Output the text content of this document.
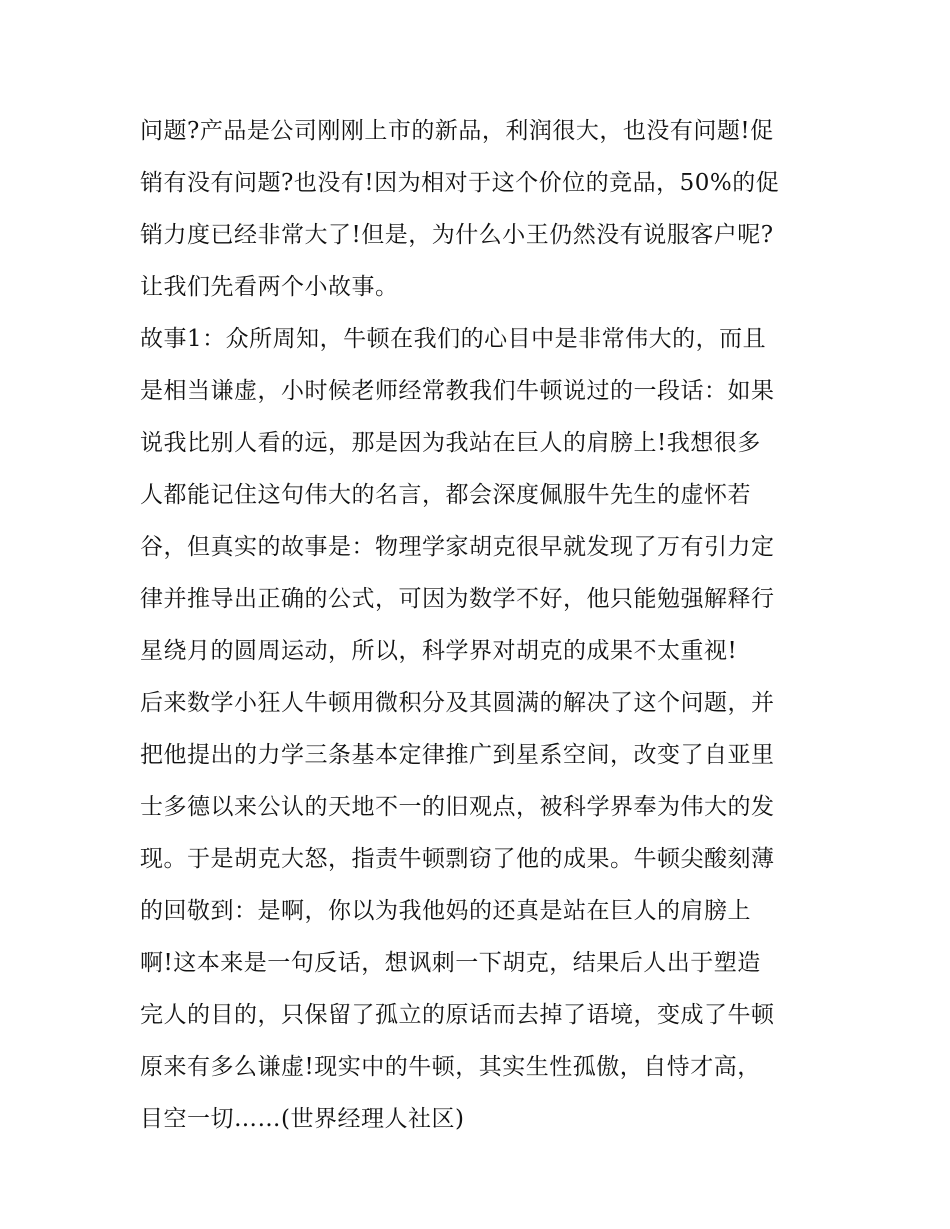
问题?产品是公司刚刚上市的新品，利润很大，也没有问题!促
销有没有问题?也没有!因为相对于这个价位的竞品，50%的促
销力度已经非常大了!但是，为什么小王仍然没有说服客户呢?
让我们先看两个小故事。
故事1：众所周知，牛顿在我们的心目中是非常伟大的，而且
是相当谦虚，小时候老师经常教我们牛顿说过的一段话：如果
说我比别人看的远，那是因为我站在巨人的肩膀上!我想很多
人都能记住这句伟大的名言，都会深度佩服牛先生的虚怀若
谷，但真实的故事是：物理学家胡克很早就发现了万有引力定
律并推导出正确的公式，可因为数学不好，他只能勉强解释行
星绕月的圆周运动，所以，科学界对胡克的成果不太重视!
后来数学小狂人牛顿用微积分及其圆满的解决了这个问题，并
把他提出的力学三条基本定律推广到星系空间，改变了自亚里
士多德以来公认的天地不一的旧观点，被科学界奉为伟大的发
现。于是胡克大怒，指责牛顿剽窃了他的成果。牛顿尖酸刻薄
的回敬到：是啊，你以为我他妈的还真是站在巨人的肩膀上
啊!这本来是一句反话，想讽刺一下胡克，结果后人出于塑造
完人的目的，只保留了孤立的原话而去掉了语境，变成了牛顿
原来有多么谦虚!现实中的牛顿，其实生性孤傲，自恃才高，
目空一切……(世界经理人社区)
